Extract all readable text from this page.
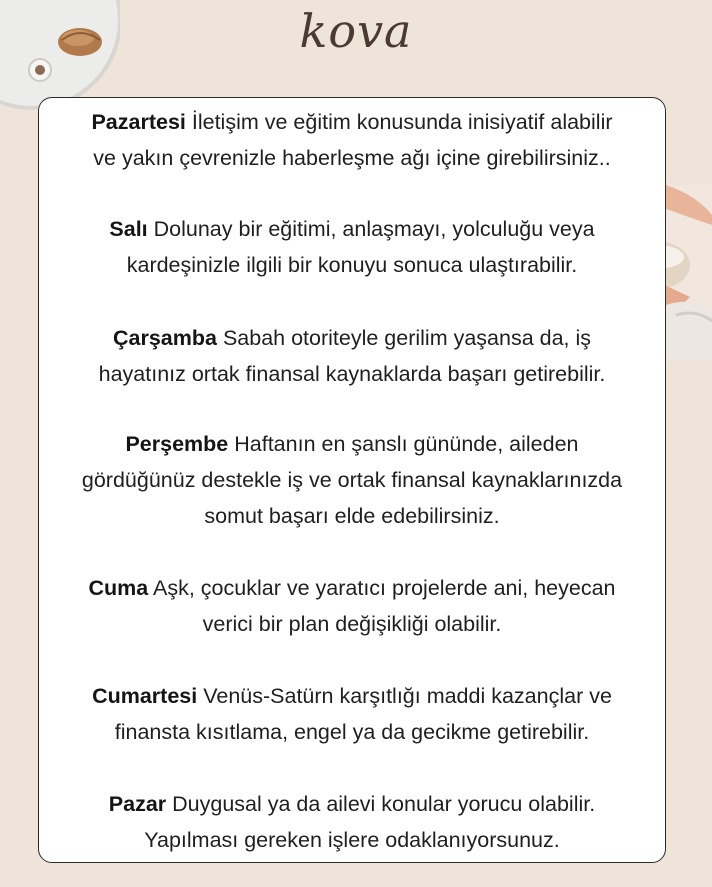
kova

Pazartesi İletişim ve eğitim konusunda inisiyatif alabilir
ve yakın çevrenizle haberleşme ağı içine girebilirsiniz..

Salı Dolunay bir eğitimi, anlaşmayı, yolculuğu veya
kardeşinizle ilgili bir konuyu sonuca ulaştırabilir.

Çarşamba Sabah otoriteyle gerilim yaşansa da, iş
hayatınız ortak finansal kaynaklarda başarı getirebilir.

Perşembe Haftanın en şanslı gününde, aileden
gördüğünüz destekle iş ve ortak finansal kaynaklarınızda
somut başarı elde edebilirsiniz.

Cuma Aşk, çocuklar ve yaratıcı projelerde ani, heyecan
verici bir plan değişikliği olabilir.

Cumartesi Venüs-Satürn karşıtlığı maddi kazançlar ve
finansta kısıtlama, engel ya da gecikme getirebilir.

Pazar Duygusal ya da ailevi konular yorucu olabilir.
Yapılması gereken işlere odaklanıyorsunuz.
